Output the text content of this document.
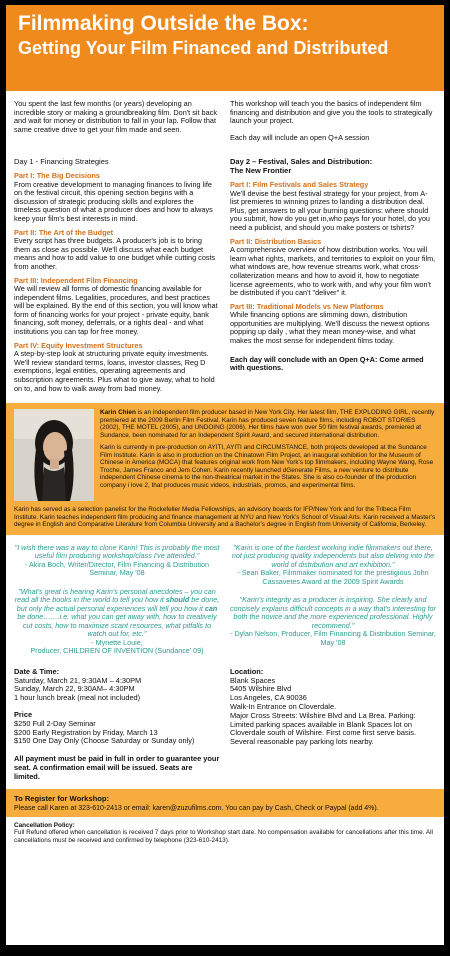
Filmmaking Outside the Box:
Getting Your Film Financed and Distributed

You spent the last few months (or years) developing an incredible story or making a groundbreaking film. Don't sit back and wait for money or distribution to fall in your lap. Follow that same creative drive to get your film made and seen.

This workshop will teach you the basics of independent film financing and distribution and give you the tools to strategically launch your project.

Each day will include an open Q+A session

Day 1 - Financing Strategies
Part I: The Big Decisions

From creative development to managing finances to living life on the festival circuit, this opening section begins with a discussion of strategic producing skills and explores the timeless question of what a producer does and how to always keep your film's best interests in mind.

Part II: The Art of the Budget

Every script has three budgets. A producer's job is to bring them as close as possible. We'll discuss what each budget means and how to add value to one budget while cutting costs from another.

Part III: Independent Film Financing

We will review all forms of domestic financing available for independent films. Legalities, procedures, and best practices will be explained. By the end of this section, you will know what form of financing works for your project - private equity, bank financing, soft money, deferrals, or a rights deal - and what institutions you can tap for free money.

Part IV: Equity Investment Structures

A step-by-step look at structuring private equity investments. We'll review standard terms, loans, investor classes, Reg D exemptions, legal entities, operating agreements and subscription agreements. Plus what to give away, what to hold on to, and how to walk away from bad money.

Day 2 – Festival, Sales and Distribution:
The New Frontier
Part I: Film Festivals and Sales Strategy

We'll devise the best festival strategy for your project, from A-list premieres to winning prizes to landing a distribution deal. Plus, get answers to all your burning questions: where should you submit, how do you get in,who pays for your hotel, do you need a publicist, and should you make posters or tshirts?

Part II: Distribution Basics

A comprehensive overview of how distribution works. You will learn what rights, markets, and territories to exploit on your film, what windows are, how revenue streams work, what cross-collaterization means and how to avoid it, how to negotiate license agreements, who to work with, and why your film won't be distributed if you can't "deliver" it.

Part III: Traditional Models vs New Platforms

While financing options are slimming down, distribution opportunities are multiplying. We'll discuss the newest options popping up daily , what they mean money-wise, and what makes the most sense for independent films today.

Each day will conclude with an Open Q+A: Come armed with questions.

Karin Chien is an independent film producer based in New York City. Her latest film, THE EXPLODING GIRL, recently premiered at the 2009 Berlin Film Festival. Karin has produced seven feature films, including ROBOT STORIES (2002), THE MOTEL (2005), and UNDOING (2006). Her films have won over 50 film festival awards, premiered at Sundance, been nominated for an Independent Spirit Award, and secured international distribution.

Karin is currently in pre-production on AYITI, AYITI and CIRCUMSTANCE, both projects developed at the Sundance Film Institute. Karin is also in production on the Chinatown Film Project, an inaugural exhibition for the Museum of Chinese in America (MOCA) that features original work from New York's top filmmakers, including Wayne Wang, Rose Troche, James Franco and Jem Cohen. Karin recently launched dGenerate Films, a new venture to distribute independent Chinese cinema to the non-theatrical market in the States. She is also co-founder of the production company i love 2, that produces music videos, industrials, promos, and experimental films.

Karin has served as a selection panelist for the Rockefeller Media Fellowships, an advisory boards for IFP/New York and for the Tribeca Film Institute. Karin teaches independent film producing and finance management at NYU and New York's School of Visual Arts. Karin received a Master's degree in English and Comparative Literature from Columbia University and a Bachelor's degree in English from University of California, Berkeley.

"I wish there was a way to clone Karin! This is probably the most useful film producing workshop/class I've attended."

- Akira Boch, Writer/Director, Film Financing & Distribution Seminar, May '08

"What's great is hearing Karin's personal anecdotes – you can read all the books in the world to tell you how it should be done, but only the actual personal experiences will tell you how it can be done…….i.e. what you can get away with, how to creatively cut costs, how to maximize scant resources, what pitfalls to watch out for, etc."

- Mynette Louie,

Producer, CHILDREN OF INVENTION (Sundance' 09)

"Karin is one of the hardest working indie filmmakers out there, not just producing quality independents but also delving into the world of distribution and art exhibition."

- Sean Baker, Filmmaker nominated for the prestigious John Cassavetes Award at the 2009 Spirit Awards

"Karin's integrity as a producer is inspiring. She clearly and concisely explains difficult concepts in a way that's interesting for both the novice and the more experienced professional. Highly recommend."

- Dylan Nelson, Producer, Film Financing & Distribution Seminar, May '08

Date & Time:
Saturday, March 21, 9:30AM – 4:30PM
Sunday, March 22, 9:30AM– 4:30PM
1 hour lunch break (meal not included)
Price
$250 Full 2-Day Seminar
$200 Early Registration by Friday, March 13
$150 One Day Only (Choose Saturday or Sunday only)

All payment must be paid in full in order to guarantee your seat. A confirmation email will be issued. Seats are limited.

Location:
Blank Spaces
5405 Wilshire Blvd
Los Angeles, CA 90036
Walk-In Entrance on Cloverdale.

Major Cross Streets: Wilshire Blvd and La Brea. Parking: Limited parking spaces available in Blank Spaces lot on Cloverdale south of Wilshire. First come first serve basis. Several reasonable pay parking lots nearby.

To Register for Workshop:
Please call Karen at 323-610-2413 or email: karen@zuzufilms.com. You can pay by Cash, Check or Paypal (add 4%).
Cancellation Policy:

Full Refund offered when cancellation is received 7 days prior to Workshop start date. No compensation available for cancellations after this time. All cancellations must be received and confirmed by telephone (323-610-2413).
